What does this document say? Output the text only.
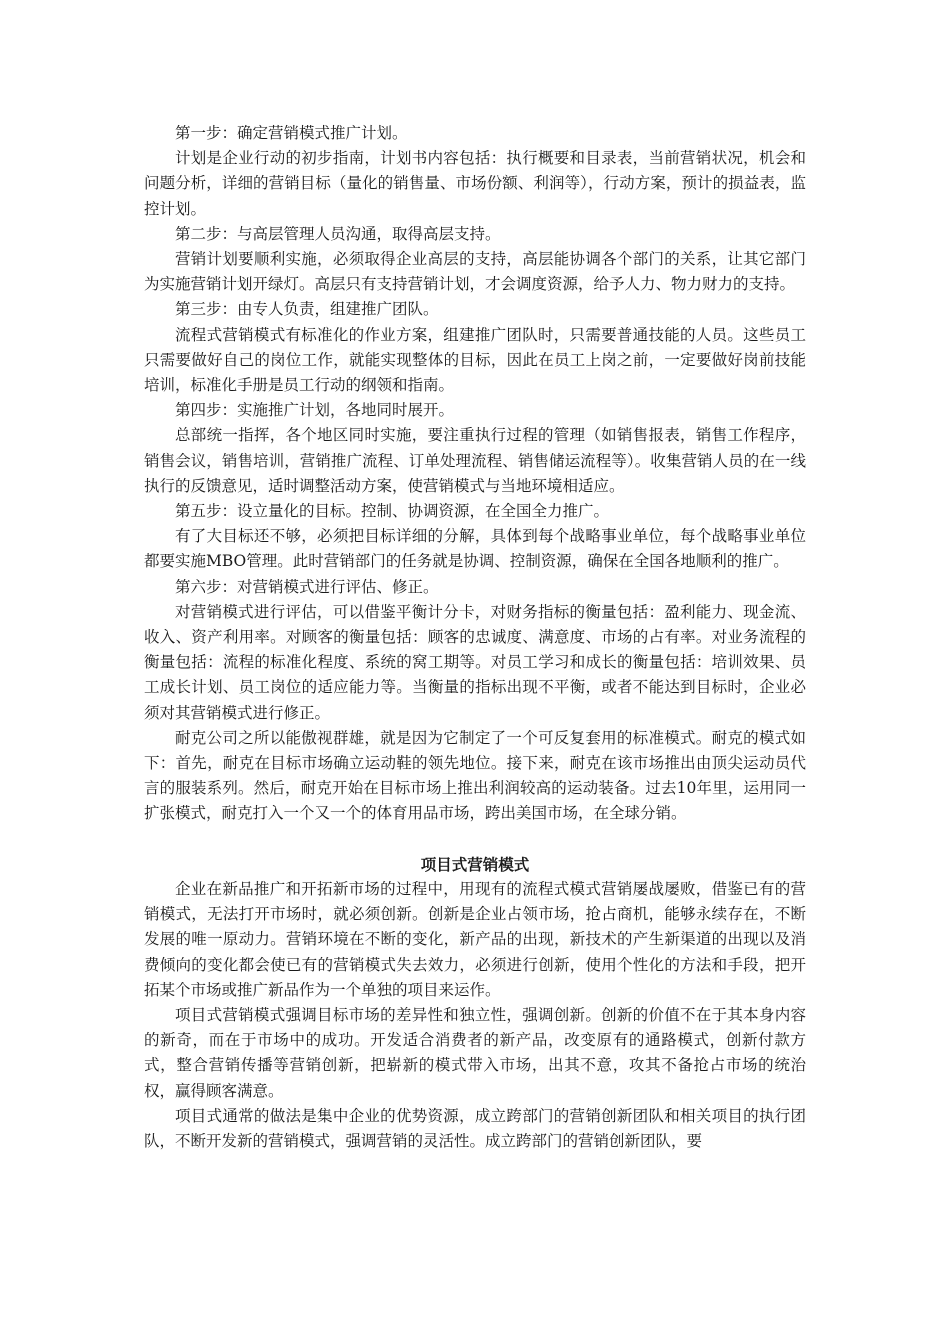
第一步：确定营销模式推广计划。

计划是企业行动的初步指南，计划书内容包括：执行概要和目录表，当前营销状况，机会和问题分析，详细的营销目标（量化的销售量、市场份额、利润等），行动方案，预计的损益表，监控计划。

第二步：与高层管理人员沟通，取得高层支持。

营销计划要顺利实施，必须取得企业高层的支持，高层能协调各个部门的关系，让其它部门为实施营销计划开绿灯。高层只有支持营销计划，才会调度资源，给予人力、物力财力的支持。

第三步：由专人负责，组建推广团队。

流程式营销模式有标准化的作业方案，组建推广团队时，只需要普通技能的人员。这些员工只需要做好自己的岗位工作，就能实现整体的目标，因此在员工上岗之前，一定要做好岗前技能培训，标准化手册是员工行动的纲领和指南。

第四步：实施推广计划，各地同时展开。

总部统一指挥，各个地区同时实施，要注重执行过程的管理（如销售报表，销售工作程序，销售会议，销售培训，营销推广流程、订单处理流程、销售储运流程等）。收集营销人员的在一线执行的反馈意见，适时调整活动方案，使营销模式与当地环境相适应。

第五步：设立量化的目标。控制、协调资源，在全国全力推广。

有了大目标还不够，必须把目标详细的分解，具体到每个战略事业单位，每个战略事业单位都要实施MBO管理。此时营销部门的任务就是协调、控制资源，确保在全国各地顺利的推广。

第六步：对营销模式进行评估、修正。

对营销模式进行评估，可以借鉴平衡计分卡，对财务指标的衡量包括：盈利能力、现金流、收入、资产利用率。对顾客的衡量包括：顾客的忠诚度、满意度、市场的占有率。对业务流程的衡量包括：流程的标准化程度、系统的窝工期等。对员工学习和成长的衡量包括：培训效果、员工成长计划、员工岗位的适应能力等。当衡量的指标出现不平衡，或者不能达到目标时，企业必须对其营销模式进行修正。

耐克公司之所以能傲视群雄，就是因为它制定了一个可反复套用的标准模式。耐克的模式如下：首先，耐克在目标市场确立运动鞋的领先地位。接下来，耐克在该市场推出由顶尖运动员代言的服装系列。然后，耐克开始在目标市场上推出利润较高的运动装备。过去10年里，运用同一扩张模式，耐克打入一个又一个的体育用品市场，跨出美国市场，在全球分销。

项目式营销模式

企业在新品推广和开拓新市场的过程中，用现有的流程式模式营销屡战屡败，借鉴已有的营销模式，无法打开市场时，就必须创新。创新是企业占领市场，抢占商机，能够永续存在，不断发展的唯一原动力。营销环境在不断的变化，新产品的出现，新技术的产生新渠道的出现以及消费倾向的变化都会使已有的营销模式失去效力，必须进行创新，使用个性化的方法和手段，把开拓某个市场或推广新品作为一个单独的项目来运作。

项目式营销模式强调目标市场的差异性和独立性，强调创新。创新的价值不在于其本身内容的新奇，而在于市场中的成功。开发适合消费者的新产品，改变原有的通路模式，创新付款方式，整合营销传播等营销创新，把崭新的模式带入市场，出其不意，攻其不备抢占市场的统治权，赢得顾客满意。

项目式通常的做法是集中企业的优势资源，成立跨部门的营销创新团队和相关项目的执行团队，不断开发新的营销模式，强调营销的灵活性。成立跨部门的营销创新团队，要
